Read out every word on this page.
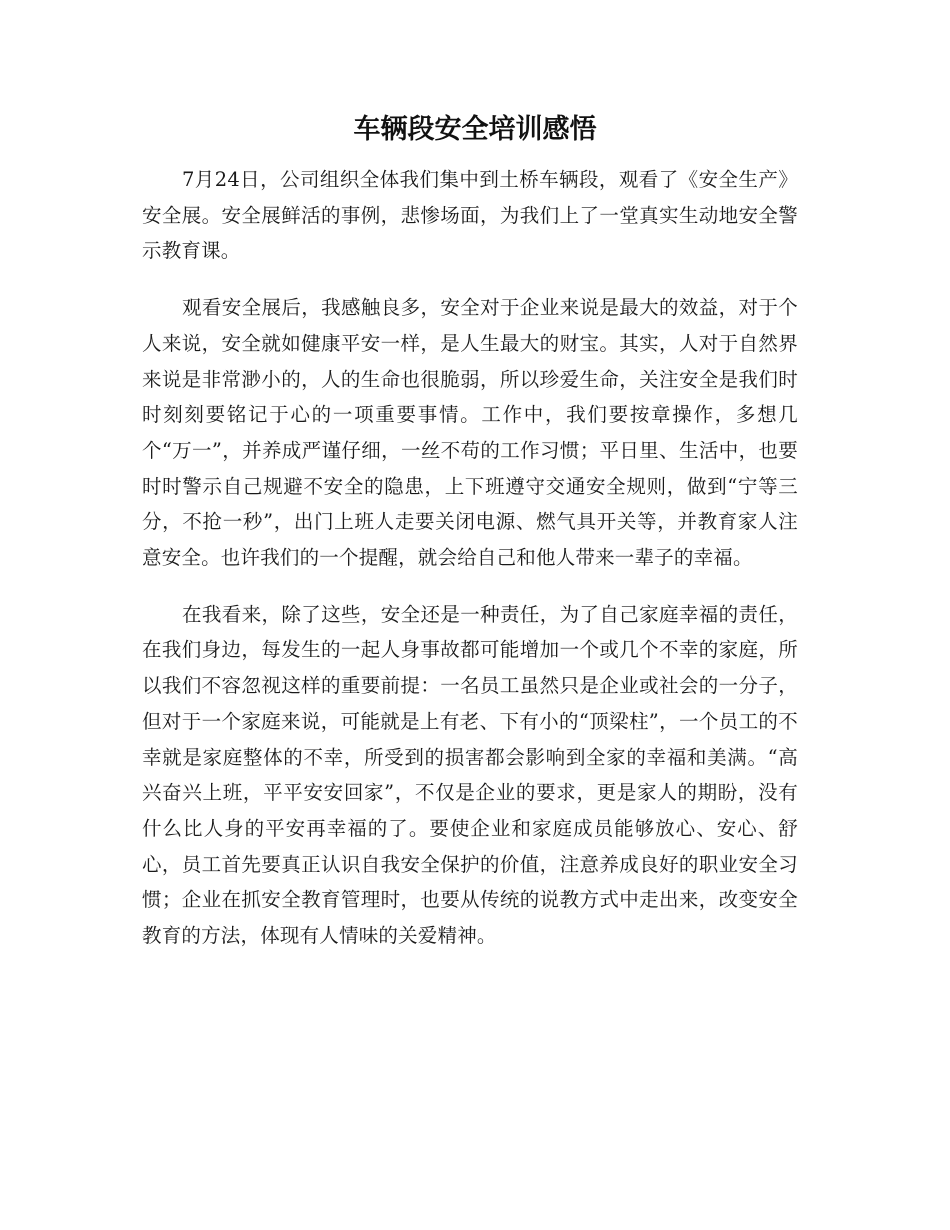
车辆段安全培训感悟

7月24日，公司组织全体我们集中到土桥车辆段，观看了《安全生产》安全展。安全展鲜活的事例，悲惨场面，为我们上了一堂真实生动地安全警示教育课。

观看安全展后，我感触良多，安全对于企业来说是最大的效益，对于个人来说，安全就如健康平安一样，是人生最大的财宝。其实，人对于自然界来说是非常渺小的，人的生命也很脆弱，所以珍爱生命，关注安全是我们时时刻刻要铭记于心的一项重要事情。工作中，我们要按章操作，多想几个“万一”，并养成严谨仔细，一丝不苟的工作习惯；平日里、生活中，也要时时警示自己规避不安全的隐患，上下班遵守交通安全规则，做到“宁等三分，不抢一秒”，出门上班人走要关闭电源、燃气具开关等，并教育家人注意安全。也许我们的一个提醒，就会给自己和他人带来一辈子的幸福。

在我看来，除了这些，安全还是一种责任，为了自己家庭幸福的责任，在我们身边，每发生的一起人身事故都可能增加一个或几个不幸的家庭，所以我们不容忽视这样的重要前提：一名员工虽然只是企业或社会的一分子，但对于一个家庭来说，可能就是上有老、下有小的“顶梁柱”，一个员工的不幸就是家庭整体的不幸，所受到的损害都会影响到全家的幸福和美满。“高兴奋兴上班，平平安安回家”，不仅是企业的要求，更是家人的期盼，没有什么比人身的平安再幸福的了。要使企业和家庭成员能够放心、安心、舒心，员工首先要真正认识自我安全保护的价值，注意养成良好的职业安全习惯；企业在抓安全教育管理时，也要从传统的说教方式中走出来，改变安全教育的方法，体现有人情味的关爱精神。
